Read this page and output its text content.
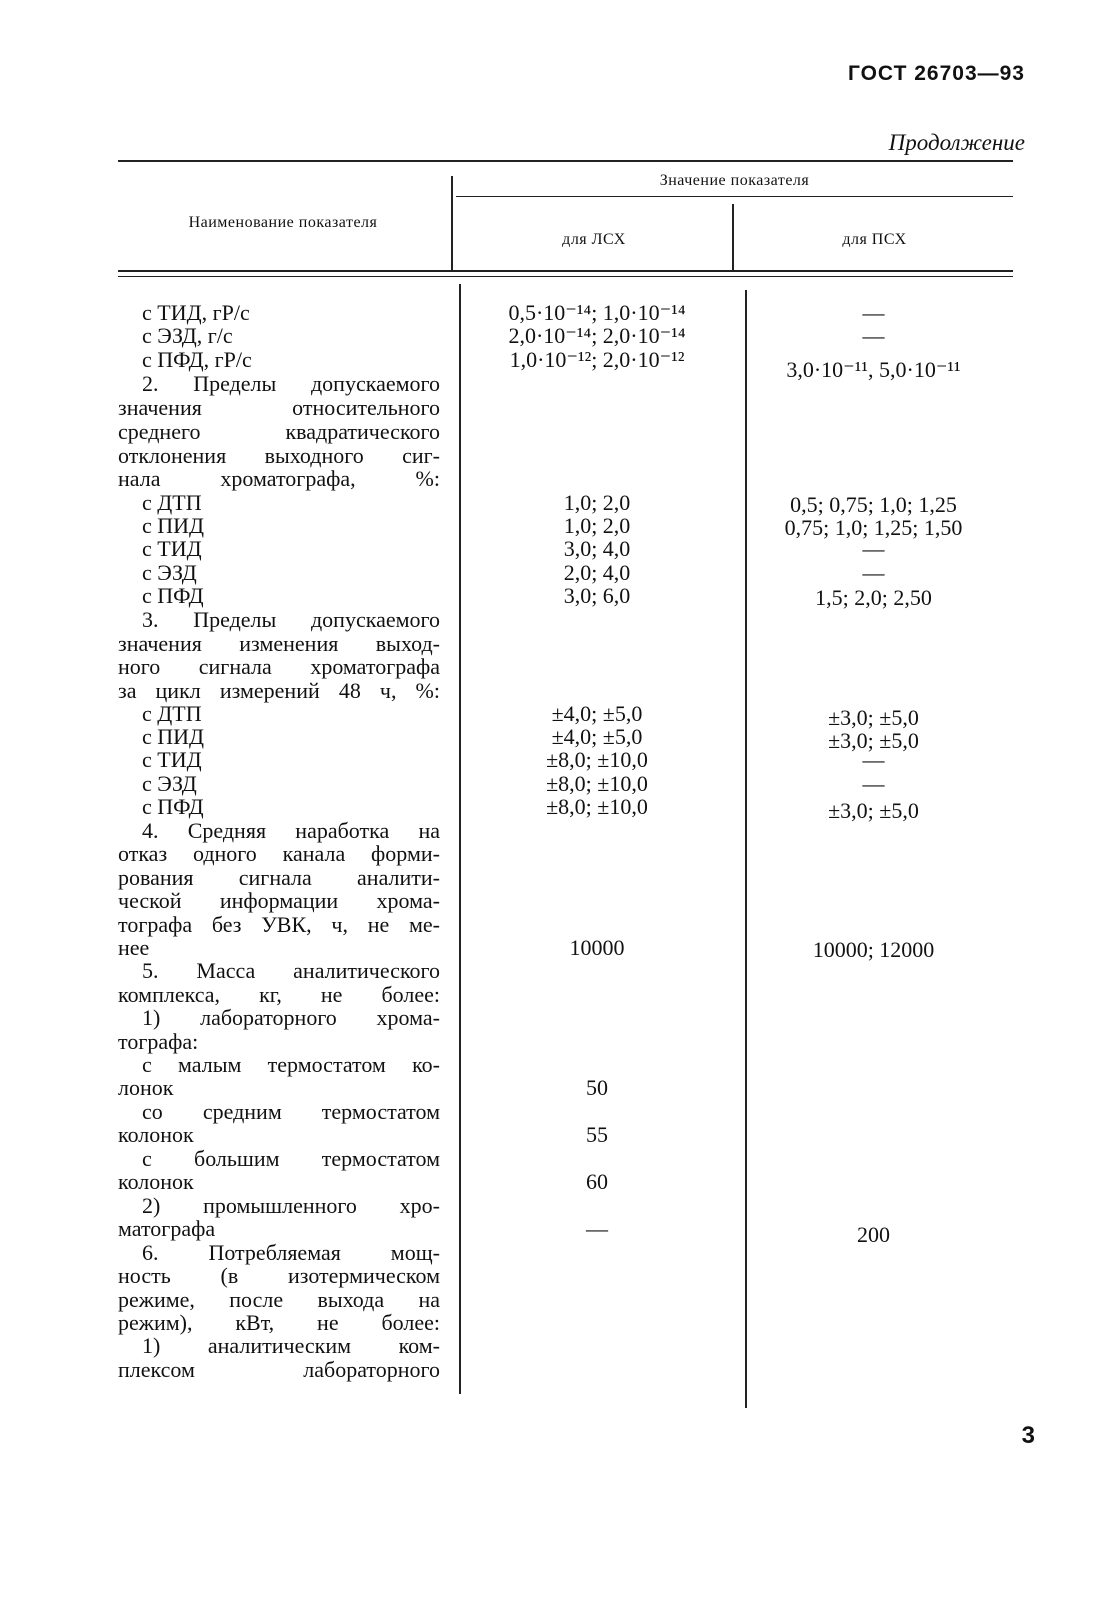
ГОСТ 26703—93
Продолжение
Наименование показателя
Значение показателя
для ЛСХ	для ПСХ
с ТИД, гР/с	0,5·10⁻¹⁴; 1,0·10⁻¹⁴	—
с ЭЗД, г/с	2,0·10⁻¹⁴; 2,0·10⁻¹⁴	—
с ПФД, гР/с	1,0·10⁻¹²; 2,0·10⁻¹²	3,0·10⁻¹¹, 5,0·10⁻¹¹
2. Пределы допускаемого
значения относительного
среднего квадратического
отклонения выходного сиг-
нала хроматографа, %:
с ДТП	1,0; 2,0	0,5; 0,75; 1,0; 1,25
с ПИД	1,0; 2,0	0,75; 1,0; 1,25; 1,50
с ТИД	3,0; 4,0	—
с ЭЗД	2,0; 4,0	—
с ПФД	3,0; 6,0	1,5; 2,0; 2,50
3. Пределы допускаемого
значения изменения выход-
ного сигнала хроматографа
за цикл измерений 48 ч, %:
с ДТП	±4,0; ±5,0	±3,0; ±5,0
с ПИД	±4,0; ±5,0	±3,0; ±5,0
с ТИД	±8,0; ±10,0	—
с ЭЗД	±8,0; ±10,0	—
с ПФД	±8,0; ±10,0	±3,0; ±5,0
4. Средняя наработка на
отказ одного канала форми-
рования сигнала аналити-
ческой информации хрома-
тографа без УВК, ч, не ме-
нее	10000	10000; 12000
5. Масса аналитического
комплекса, кг, не более:
1) лабораторного хрома-
тографа:
с малым термостатом ко-
лонок	50
со средним термостатом
колонок	55
с большим термостатом
колонок	60
2) промышленного хро-
матографа	—	200
6. Потребляемая мощ-
ность (в изотермическом
режиме, после выхода на
режим), кВт, не более:
1) аналитическим ком-
плексом лабораторного
3
